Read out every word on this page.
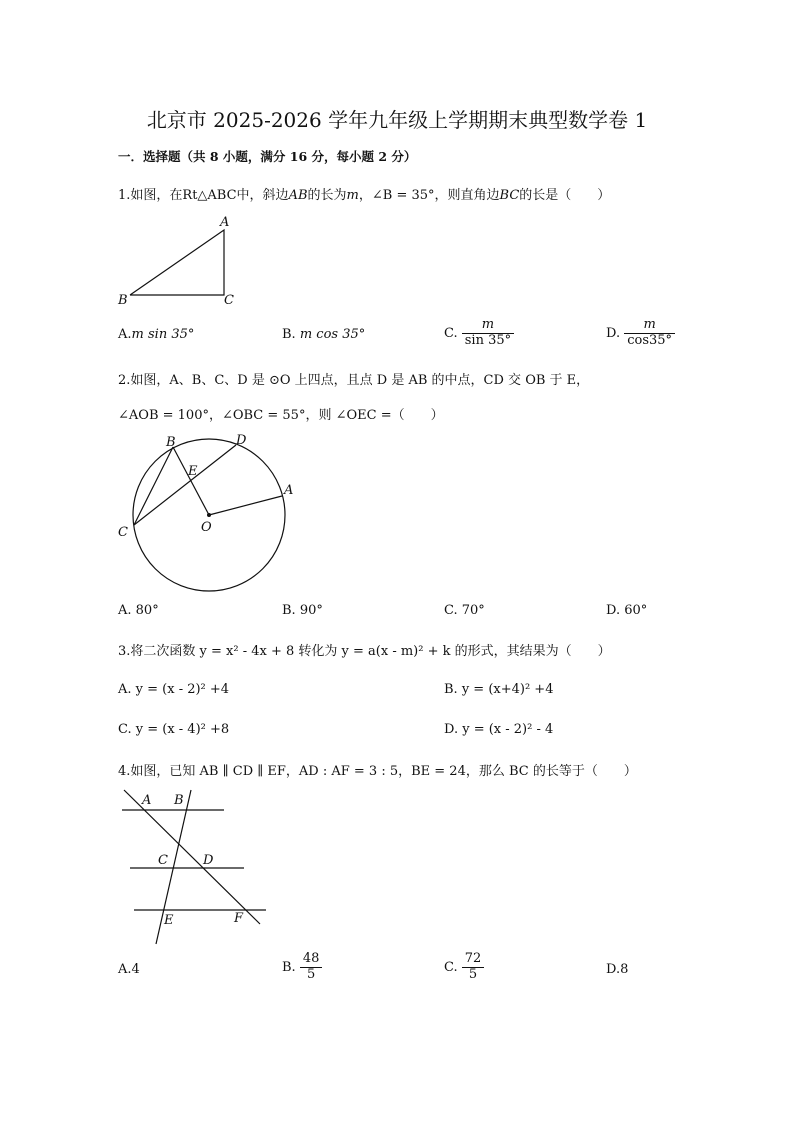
北京市 2025-2026 学年九年级上学期期末典型数学卷 1
一．选择题（共 8 小题，满分 16 分，每小题 2 分）
1.如图，在Rt△ABC中，斜边AB的长为m，∠B = 35°，则直角边BC的长是（　　）
A
B	C
A.m sin 35°	B. m cos 35°	C. $\frac{m}{\sin 35^\circ}$	D. $\frac{m}{\cos 35^\circ}$
2.如图，A、B、C、D 是 ⊙O 上四点，且点 D 是 AB 的中点，CD 交 OB 于 E，
∠AOB = 100°，∠OBC = 55°，则 ∠OEC =（　　）
B	D
E
A
C	O
A. 80°	B. 90°	C. 70°	D. 60°
3.将二次函数 y = x² - 4x + 8 转化为 y = a(x - m)² + k 的形式，其结果为（　　）
A. y = (x - 2)² +4	B. y = (x+4)² +4
C. y = (x - 4)² +8	D. y = (x - 2)² - 4
4.如图，已知 AB ∥ CD ∥ EF，AD : AF = 3 : 5，BE = 24，那么 BC 的长等于（　　）
A B
C	D
E	F
A.4	B. $\frac{48}{5}$	C. $\frac{72}{5}$	D.8
